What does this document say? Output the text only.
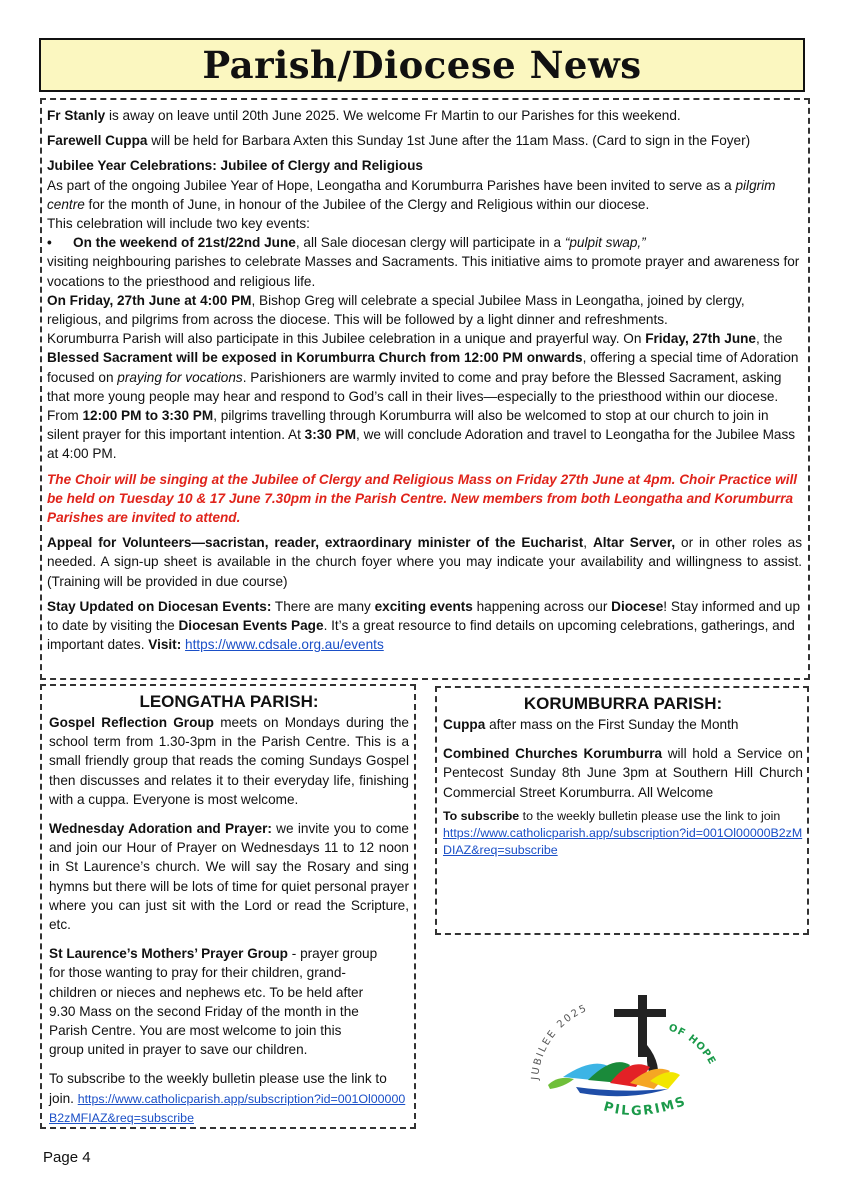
Parish/Diocese News

Fr Stanly is away on leave until 20th June 2025. We welcome Fr Martin to our Parishes for this weekend.

Farewell Cuppa will be held for Barbara Axten this Sunday 1st June after the 11am Mass. (Card to sign in the Foyer)

Jubilee Year Celebrations: Jubilee of Clergy and Religious

As part of the ongoing Jubilee Year of Hope, Leongatha and Korumburra Parishes have been invited to serve as a pilgrim centre for the month of June, in honour of the Jubilee of the Clergy and Religious within our diocese.

This celebration will include two key events:

•	On the weekend of 21st/22nd June, all Sale diocesan clergy will participate in a “pulpit swap,”

visiting neighbouring parishes to celebrate Masses and Sacraments. This initiative aims to promote prayer and awareness for vocations to the priesthood and religious life.

On Friday, 27th June at 4:00 PM, Bishop Greg will celebrate a special Jubilee Mass in Leongatha, joined by clergy, religious, and pilgrims from across the diocese. This will be followed by a light dinner and refreshments.

Korumburra Parish will also participate in this Jubilee celebration in a unique and prayerful way. On Friday, 27th June, the Blessed Sacrament will be exposed in Korumburra Church from 12:00 PM onwards, offering a special time of Adoration focused on praying for vocations. Parishioners are warmly invited to come and pray before the Blessed Sacrament, asking that more young people may hear and respond to God’s call in their lives—especially to the priesthood within our diocese.

From 12:00 PM to 3:30 PM, pilgrims travelling through Korumburra will also be welcomed to stop at our church to join in silent prayer for this important intention. At 3:30 PM, we will conclude Adoration and travel to Leongatha for the Jubilee Mass at 4:00 PM.

The Choir will be singing at the Jubilee of Clergy and Religious Mass on Friday 27th June at 4pm. Choir Practice will be held on Tuesday 10 & 17 June 7.30pm in the Parish Centre. New members from both Leongatha and Korumburra Parishes are invited to attend.

Appeal for Volunteers—sacristan, reader, extraordinary minister of the Eucharist, Altar Server, or in other roles as needed. A sign-up sheet is available in the church foyer where you may indicate your availability and willingness to assist. (Training will be provided in due course)

Stay Updated on Diocesan Events: There are many exciting events happening across our Diocese! Stay informed and up to date by visiting the Diocesan Events Page. It’s a great resource to find details on upcoming celebrations, gatherings, and important dates. Visit: https://www.cdsale.org.au/events

LEONGATHA PARISH:

Gospel Reflection Group meets on Mondays during the school term from 1.30-3pm in the Parish Centre. This is a small friendly group that reads the coming Sundays Gospel then discusses and relates it to their everyday life, finishing with a cuppa. Everyone is most welcome.

Wednesday Adoration and Prayer: we invite you to come and join our Hour of Prayer on Wednesdays 11 to 12 noon in St Laurence’s church. We will say the Rosary and sing hymns but there will be lots of time for quiet personal prayer where you can just sit with the Lord or read the Scripture, etc.

St Laurence’s Mothers’ Prayer Group - prayer group for those wanting to pray for their children, grand-children or nieces and nephews etc. To be held after 9.30 Mass on the second Friday of the month in the Parish Centre. You are most welcome to join this group united in prayer to save our children.

To subscribe to the weekly bulletin please use the link to join. https://www.catholicparish.app/subscription?id=001Ol00000B2zMFIAZ&req=subscribe

KORUMBURRA PARISH:

Cuppa after mass on the First Sunday the Month

Combined Churches Korumburra will hold a Service on Pentecost Sunday 8th June 3pm at Southern Hill Church Commercial Street Korumburra. All Welcome

To subscribe to the weekly bulletin please use the link to join
https://www.catholicparish.app/subscription?id=001Ol00000B2zMDIAZ&req=subscribe

JUBILEE 2025
OF HOPE
PILGRIMS
Page 4
